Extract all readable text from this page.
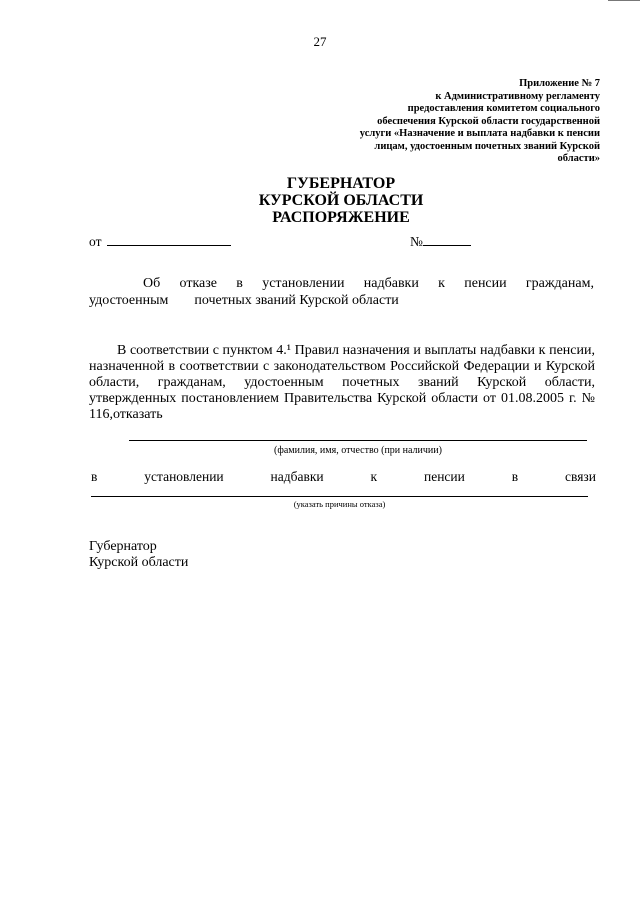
27
Приложение № 7
к Административному регламенту
предоставления комитетом социального
обеспечения Курской области государственной
услуги «Назначение и выплата надбавки к пенсии
лицам, удостоенным почетных званий Курской
области»
ГУБЕРНАТОР
КУРСКОЙ ОБЛАСТИ
РАСПОРЯЖЕНИЕ
от	№
Об отказе в установлении надбавки к пенсии гражданам,
удостоенным почетных званий Курской области
В соответствии с пунктом 4.¹ Правил назначения и выплаты надбавки к пенсии, назначенной в соответствии с законодательством Российской Федерации и Курской области, гражданам, удостоенным почетных званий Курской области, утвержденных постановлением Правительства Курской области от 01.08.2005 г. № 116,отказать
(фамилия, имя, отчество (при наличии)
в	установлении	надбавки	к	пенсии	в	связи
(указать причины отказа)
Губернатор
Курской области
